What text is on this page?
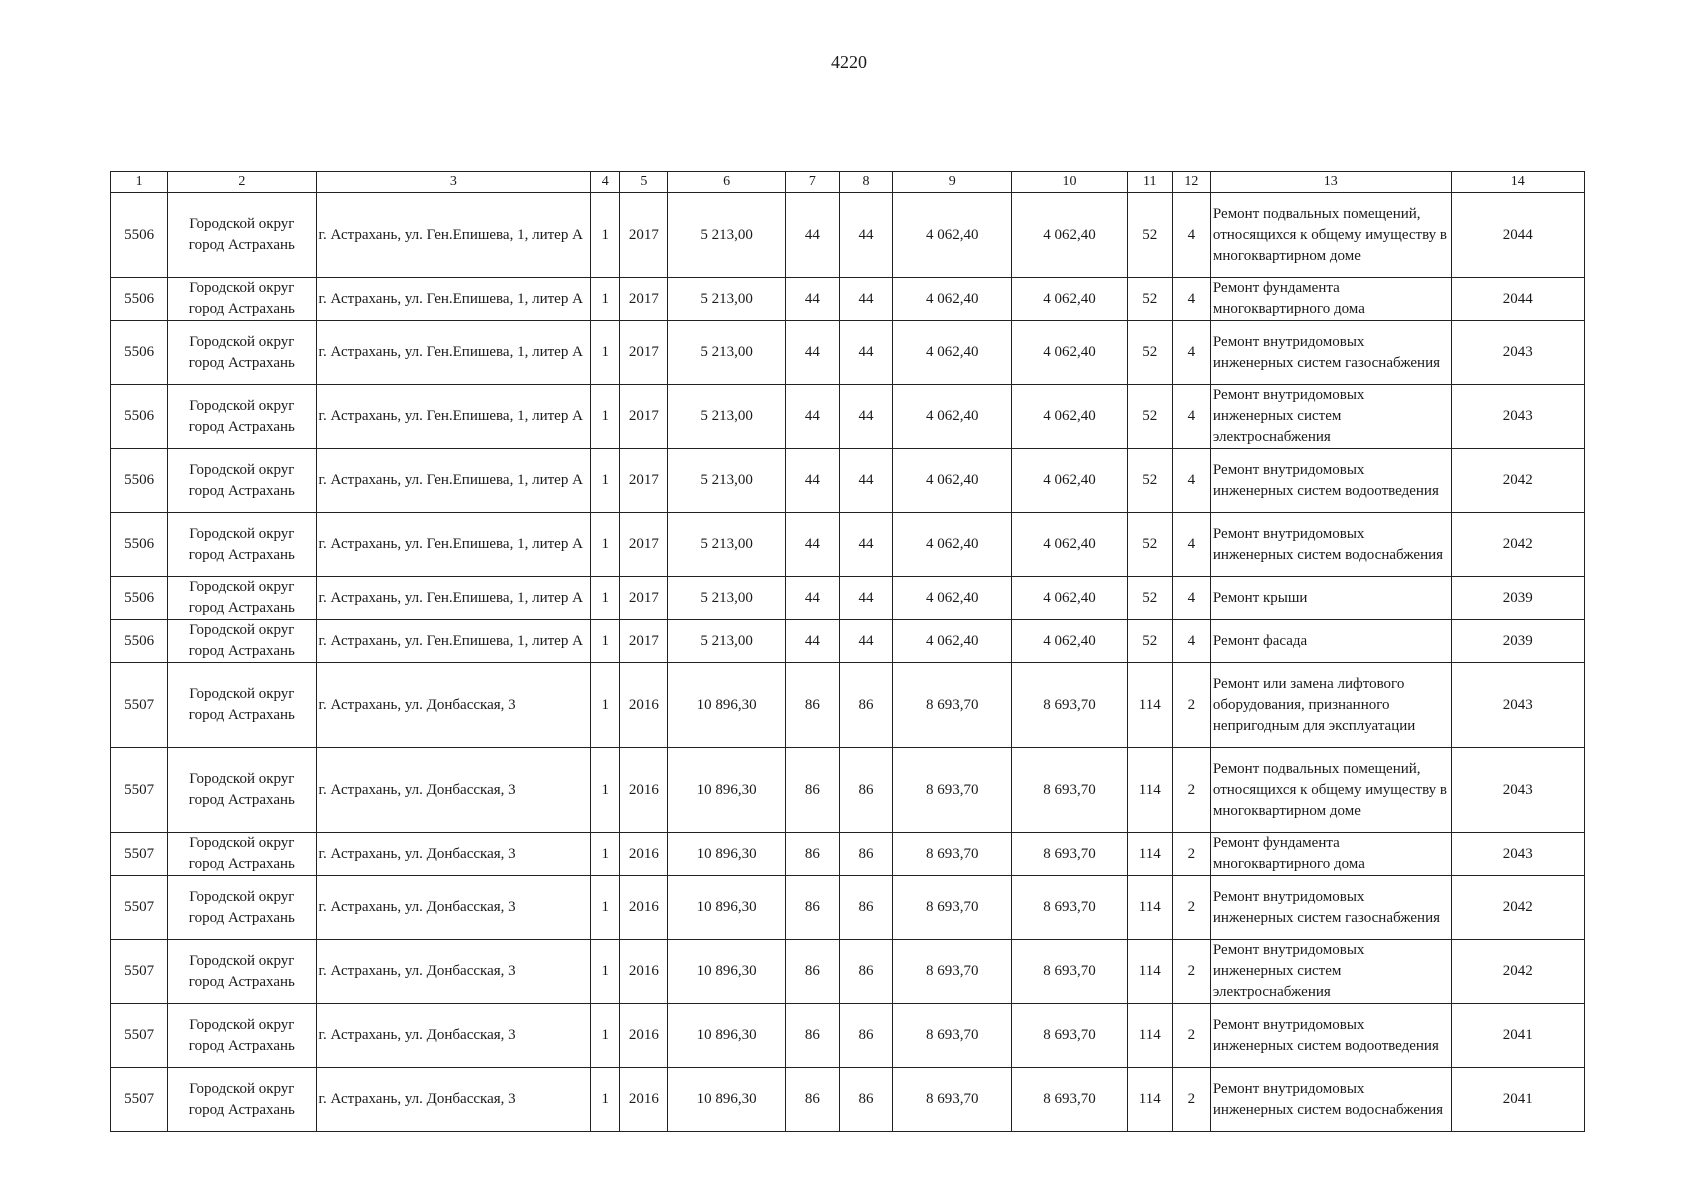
4220
1	2	3	4	5	6	7	8	9	10	11	12	13	14
5506	Городской округ город Астрахань	г. Астрахань, ул. Ген.Епишева, 1, литер А	1	2017	5 213,00	44	44	4 062,40	4 062,40	52	4	Ремонт подвальных помещений, относящихся к общему имуществу в многоквартирном доме	2044
5506	Городской округ город Астрахань	г. Астрахань, ул. Ген.Епишева, 1, литер А	1	2017	5 213,00	44	44	4 062,40	4 062,40	52	4	Ремонт фундамента многоквартирного дома	2044
5506	Городской округ город Астрахань	г. Астрахань, ул. Ген.Епишева, 1, литер А	1	2017	5 213,00	44	44	4 062,40	4 062,40	52	4	Ремонт внутридомовых инженерных систем газоснабжения	2043
5506	Городской округ город Астрахань	г. Астрахань, ул. Ген.Епишева, 1, литер А	1	2017	5 213,00	44	44	4 062,40	4 062,40	52	4	Ремонт внутридомовых инженерных систем электроснабжения	2043
5506	Городской округ город Астрахань	г. Астрахань, ул. Ген.Епишева, 1, литер А	1	2017	5 213,00	44	44	4 062,40	4 062,40	52	4	Ремонт внутридомовых инженерных систем водоотведения	2042
5506	Городской округ город Астрахань	г. Астрахань, ул. Ген.Епишева, 1, литер А	1	2017	5 213,00	44	44	4 062,40	4 062,40	52	4	Ремонт внутридомовых инженерных систем водоснабжения	2042
5506	Городской округ город Астрахань	г. Астрахань, ул. Ген.Епишева, 1, литер А	1	2017	5 213,00	44	44	4 062,40	4 062,40	52	4	Ремонт крыши	2039
5506	Городской округ город Астрахань	г. Астрахань, ул. Ген.Епишева, 1, литер А	1	2017	5 213,00	44	44	4 062,40	4 062,40	52	4	Ремонт фасада	2039
5507	Городской округ город Астрахань	г. Астрахань, ул. Донбасская, 3	1	2016	10 896,30	86	86	8 693,70	8 693,70	114	2	Ремонт или замена лифтового оборудования, признанного непригодным для эксплуатации	2043
5507	Городской округ город Астрахань	г. Астрахань, ул. Донбасская, 3	1	2016	10 896,30	86	86	8 693,70	8 693,70	114	2	Ремонт подвальных помещений, относящихся к общему имуществу в многоквартирном доме	2043
5507	Городской округ город Астрахань	г. Астрахань, ул. Донбасская, 3	1	2016	10 896,30	86	86	8 693,70	8 693,70	114	2	Ремонт фундамента многоквартирного дома	2043
5507	Городской округ город Астрахань	г. Астрахань, ул. Донбасская, 3	1	2016	10 896,30	86	86	8 693,70	8 693,70	114	2	Ремонт внутридомовых инженерных систем газоснабжения	2042
5507	Городской округ город Астрахань	г. Астрахань, ул. Донбасская, 3	1	2016	10 896,30	86	86	8 693,70	8 693,70	114	2	Ремонт внутридомовых инженерных систем электроснабжения	2042
5507	Городской округ город Астрахань	г. Астрахань, ул. Донбасская, 3	1	2016	10 896,30	86	86	8 693,70	8 693,70	114	2	Ремонт внутридомовых инженерных систем водоотведения	2041
5507	Городской округ город Астрахань	г. Астрахань, ул. Донбасская, 3	1	2016	10 896,30	86	86	8 693,70	8 693,70	114	2	Ремонт внутридомовых инженерных систем водоснабжения	2041
